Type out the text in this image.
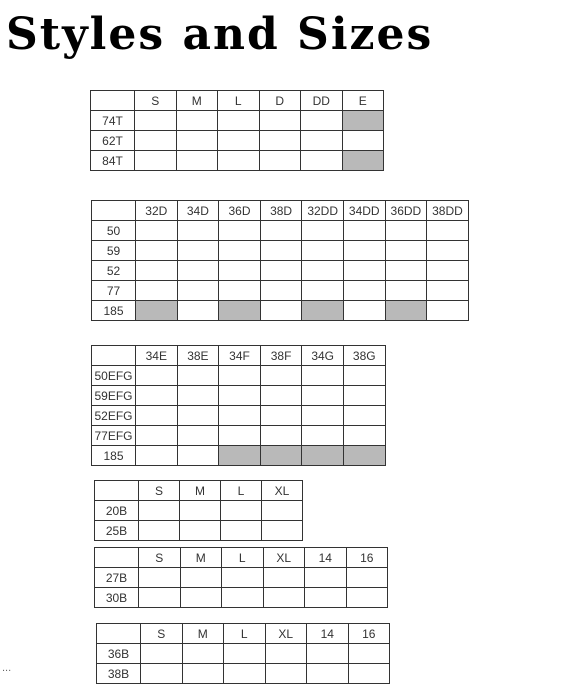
Styles and Sizes
	S	M	L	D	DD	E
74T						
62T						
84T						
	32D	34D	36D	38D	32DD	34DD	36DD	38DD
50								
59								
52								
77								
185								
	34E	38E	34F	38F	34G	38G
50EFG						
59EFG						
52EFG						
77EFG						
185						
	S	M	L	XL
20B				
25B				
	S	M	L	XL	14	16
27B						
30B						
	S	M	L	XL	14	16
36B						
38B						
...
